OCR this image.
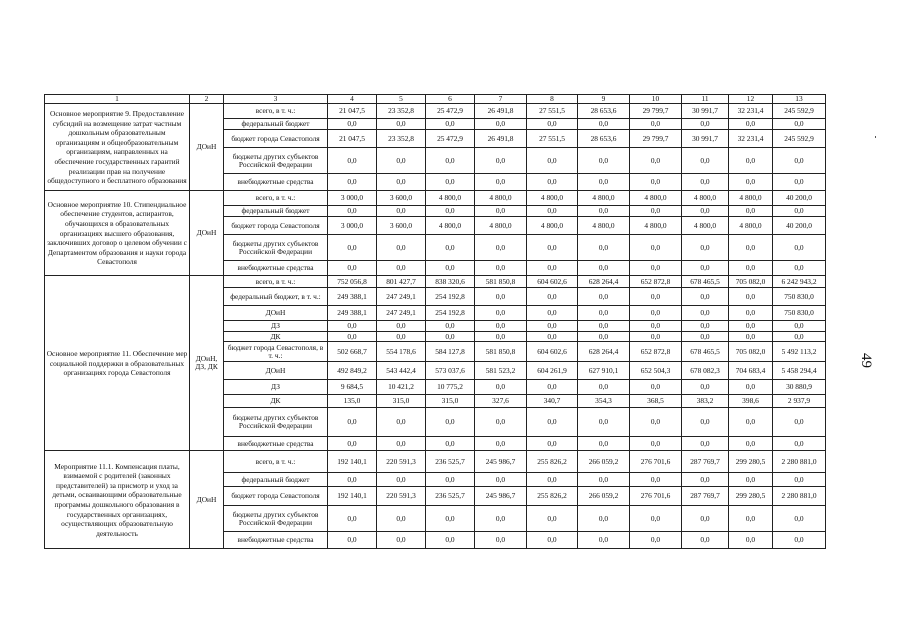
1	2	3	4	5	6	7	8	9	10	11	12	13
Основное мероприятие 9. Предоставление субсидий на возмещение затрат частным дошкольным образовательным организациям и общеобразовательным организациям, направленных на обеспечение государственных гарантий реализации прав на получение общедоступного и бесплатного образования	ДОиН	всего, в т. ч.:	21 047,5	23 352,8	25 472,9	26 491,8	27 551,5	28 653,6	29 799,7	30 991,7	32 231,4	245 592,9
		федеральный бюджет	0,0	0,0	0,0	0,0	0,0	0,0	0,0	0,0	0,0	0,0
		бюджет города Севастополя	21 047,5	23 352,8	25 472,9	26 491,8	27 551,5	28 653,6	29 799,7	30 991,7	32 231,4	245 592,9
		бюджеты других субъектов Российской Федерации	0,0	0,0	0,0	0,0	0,0	0,0	0,0	0,0	0,0	0,0
		внебюджетные средства	0,0	0,0	0,0	0,0	0,0	0,0	0,0	0,0	0,0	0,0
Основное мероприятие 10. Стипендиальное обеспечение студентов, аспирантов, обучающихся в образовательных организациях высшего образования, заключивших договор о целевом обучении с Департаментом образования и науки города Севастополя	ДОиН	всего, в т. ч.:	3 000,0	3 600,0	4 800,0	4 800,0	4 800,0	4 800,0	4 800,0	4 800,0	4 800,0	40 200,0
		федеральный бюджет	0,0	0,0	0,0	0,0	0,0	0,0	0,0	0,0	0,0	0,0
		бюджет города Севастополя	3 000,0	3 600,0	4 800,0	4 800,0	4 800,0	4 800,0	4 800,0	4 800,0	4 800,0	40 200,0
		бюджеты других субъектов Российской Федерации	0,0	0,0	0,0	0,0	0,0	0,0	0,0	0,0	0,0	0,0
		внебюджетные средства	0,0	0,0	0,0	0,0	0,0	0,0	0,0	0,0	0,0	0,0
Основное мероприятие 11. Обеспечение мер социальной поддержки в образовательных организациях города Севастополя	ДОиН, ДЗ, ДК	всего, в т. ч.:	752 056,8	801 427,7	838 320,6	581 850,8	604 602,6	628 264,4	652 872,8	678 465,5	705 082,0	6 242 943,2
		федеральный бюджет, в т. ч.:	249 388,1	247 249,1	254 192,8	0,0	0,0	0,0	0,0	0,0	0,0	750 830,0
		ДОиН	249 388,1	247 249,1	254 192,8	0,0	0,0	0,0	0,0	0,0	0,0	750 830,0
		ДЗ	0,0	0,0	0,0	0,0	0,0	0,0	0,0	0,0	0,0	0,0
		ДК	0,0	0,0	0,0	0,0	0,0	0,0	0,0	0,0	0,0	0,0
		бюджет города Севастополя, в т. ч.:	502 668,7	554 178,6	584 127,8	581 850,8	604 602,6	628 264,4	652 872,8	678 465,5	705 082,0	5 492 113,2
		ДОиН	492 849,2	543 442,4	573 037,6	581 523,2	604 261,9	627 910,1	652 504,3	678 082,3	704 683,4	5 458 294,4
		ДЗ	9 684,5	10 421,2	10 775,2	0,0	0,0	0,0	0,0	0,0	0,0	30 880,9
		ДК	135,0	315,0	315,0	327,6	340,7	354,3	368,5	383,2	398,6	2 937,9
		бюджеты других субъектов Российской Федерации	0,0	0,0	0,0	0,0	0,0	0,0	0,0	0,0	0,0	0,0
		внебюджетные средства	0,0	0,0	0,0	0,0	0,0	0,0	0,0	0,0	0,0	0,0
Мероприятие 11.1. Компенсация платы, взимаемой с родителей (законных представителей) за присмотр и уход за детьми, осваивающими образовательные программы дошкольного образования в государственных организациях, осуществляющих образовательную деятельность	ДОиН	всего, в т. ч.:	192 140,1	220 591,3	236 525,7	245 986,7	255 826,2	266 059,2	276 701,6	287 769,7	299 280,5	2 280 881,0
		федеральный бюджет	0,0	0,0	0,0	0,0	0,0	0,0	0,0	0,0	0,0	0,0
		бюджет города Севастополя	192 140,1	220 591,3	236 525,7	245 986,7	255 826,2	266 059,2	276 701,6	287 769,7	299 280,5	2 280 881,0
		бюджеты других субъектов Российской Федерации	0,0	0,0	0,0	0,0	0,0	0,0	0,0	0,0	0,0	0,0
		внебюджетные средства	0,0	0,0	0,0	0,0	0,0	0,0	0,0	0,0	0,0	0,0
49
